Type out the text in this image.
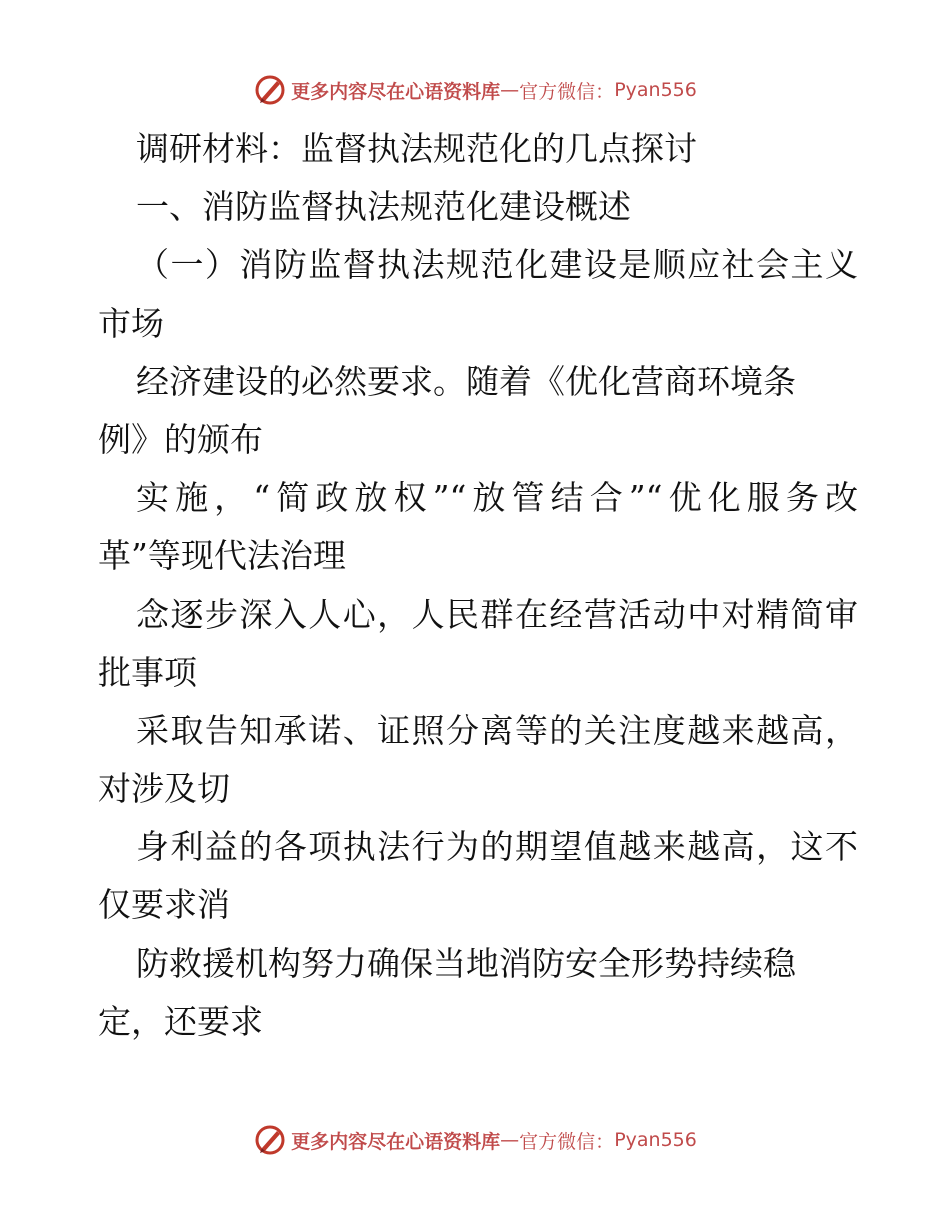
更多内容尽在心语资料库 — 官方微信： Pyan556
调研材料：监督执法规范化的几点探讨
一、消防监督执法规范化建设概述
（一）消防监督执法规范化建设是顺应社会主义
市场
经济建设的必然要求。随着《优化营商环境条
例》的颁布
实施，“简政放权”“放管结合”“优化服务改
革”等现代法治理
念逐步深入人心，人民群在经营活动中对精简审
批事项
采取告知承诺、证照分离等的关注度越来越高，
对涉及切
身利益的各项执法行为的期望值越来越高，这不
仅要求消
防救援机构努力确保当地消防安全形势持续稳
定，还要求
更多内容尽在心语资料库 — 官方微信： Pyan556
